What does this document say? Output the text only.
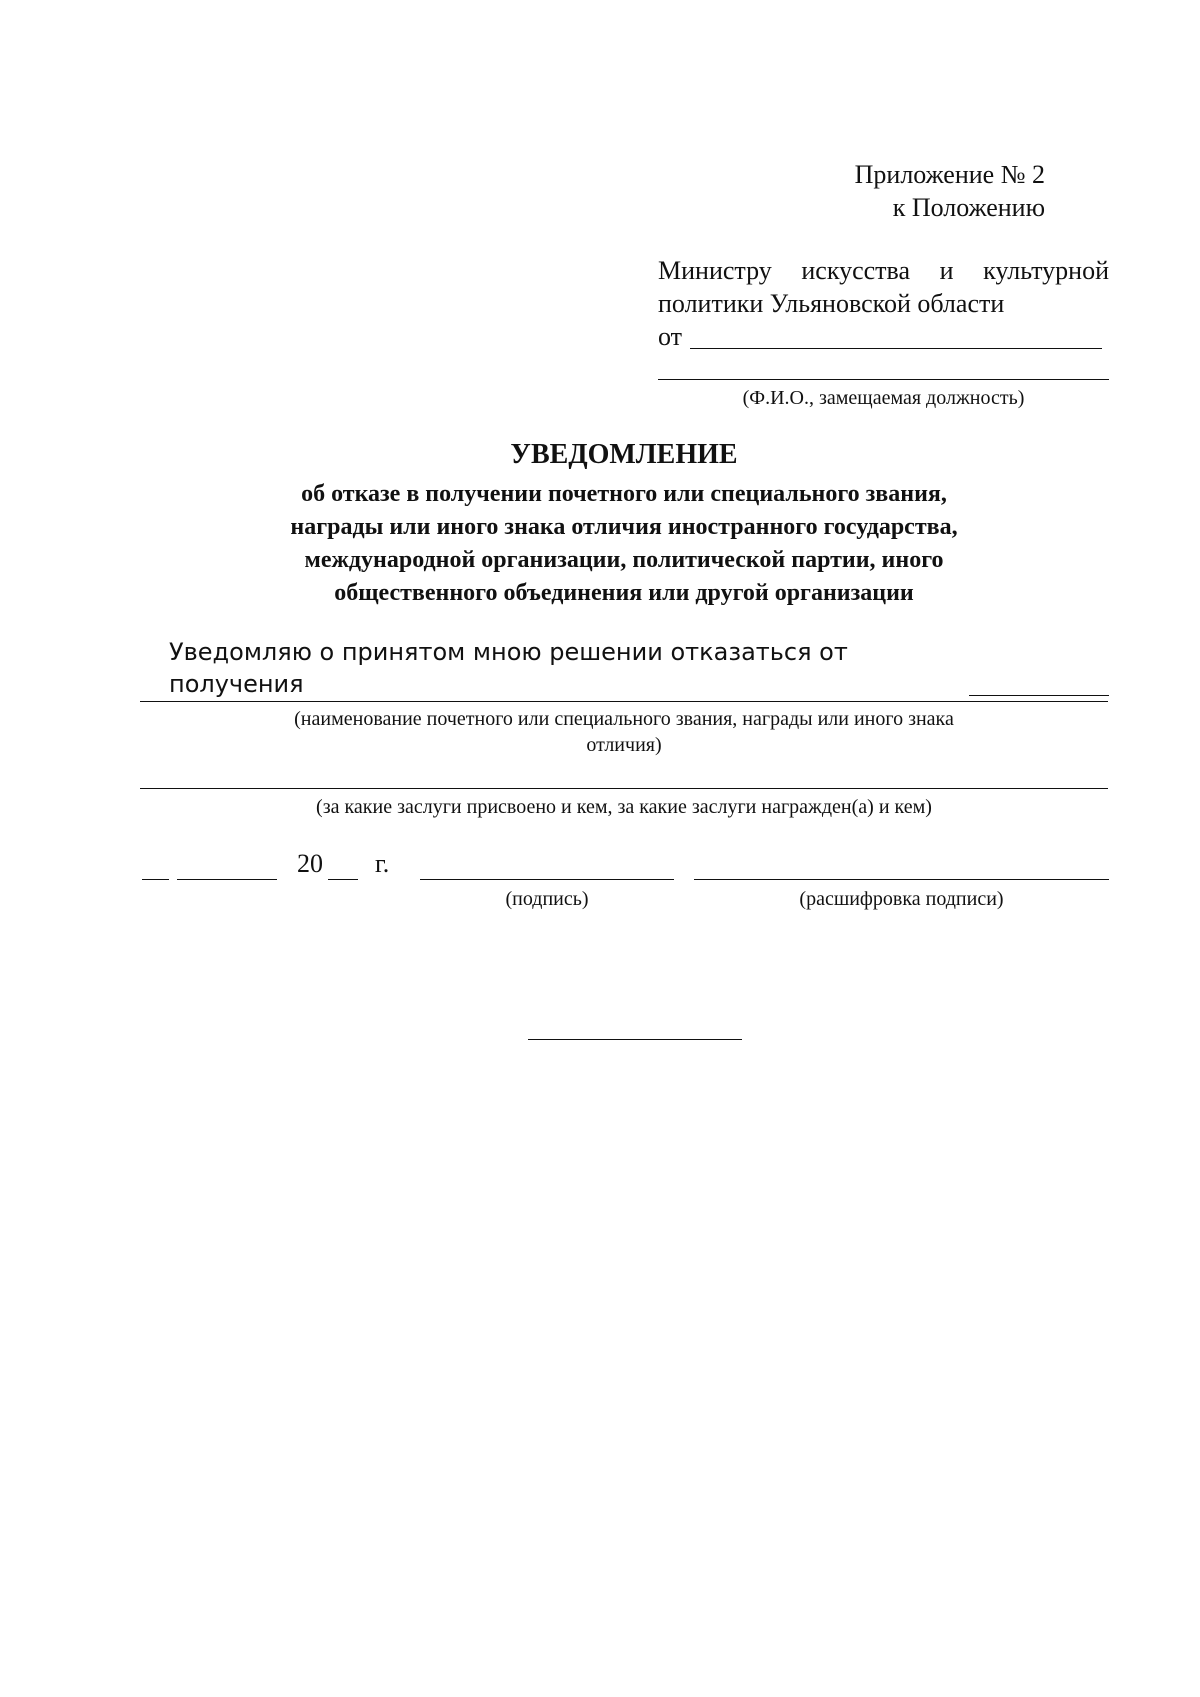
Приложение № 2
к Положению
Министру искусства и культурной
политики Ульяновской области
от
(Ф.И.О., замещаемая должность)
УВЕДОМЛЕНИЕ
об отказе в получении почетного или специального звания,
награды или иного знака отличия иностранного государства,
международной организации, политической партии, иного
общественного объединения или другой организации
Уведомляю о принятом мною решении отказаться от получения
(наименование почетного или специального звания, награды или иного знака
отличия)
(за какие заслуги присвоено и кем, за какие заслуги награжден(а) и кем)
20 г.
(подпись)	(расшифровка подписи)
